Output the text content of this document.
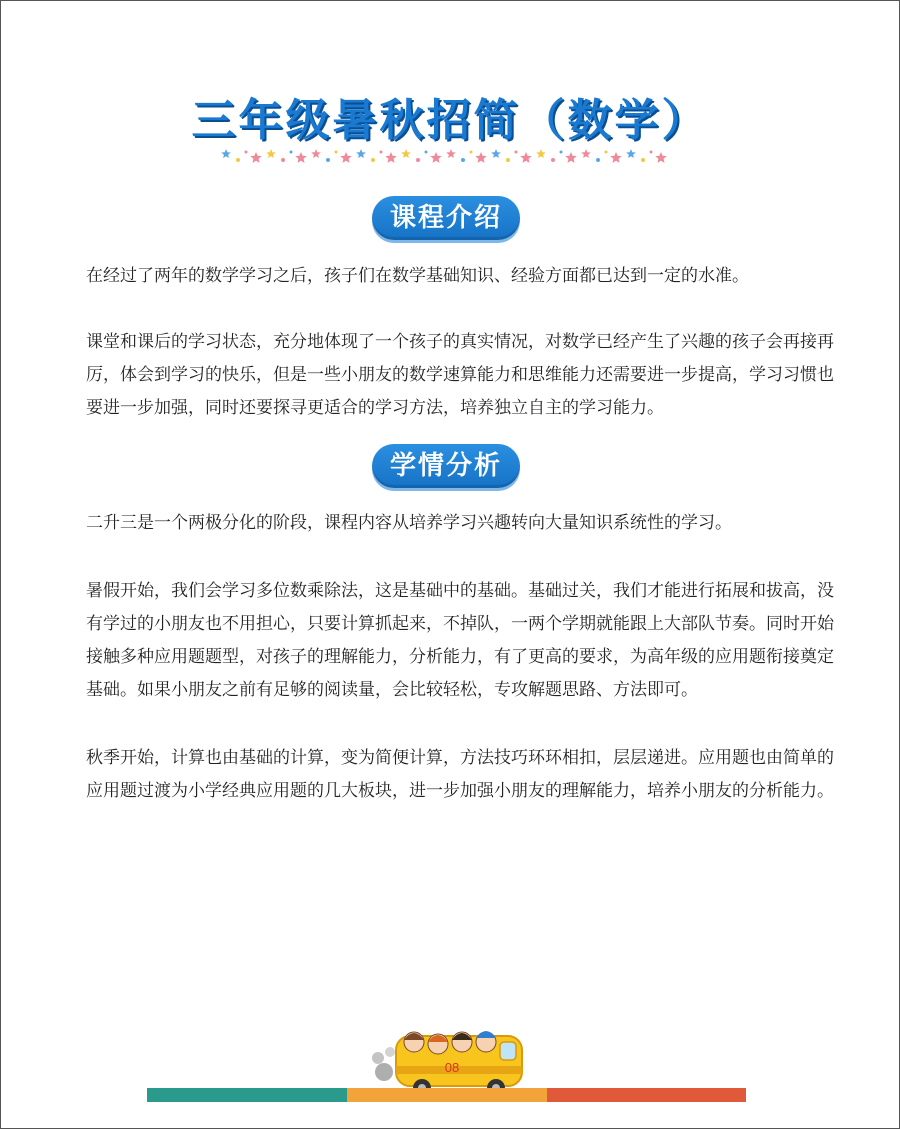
三年级暑秋招简（数学）
课程介绍

在经过了两年的数学学习之后，孩子们在数学基础知识、经验方面都已达到一定的水准。

课堂和课后的学习状态，充分地体现了一个孩子的真实情况，对数学已经产生了兴趣的孩子会再接再厉，体会到学习的快乐，但是一些小朋友的数学速算能力和思维能力还需要进一步提高，学习习惯也要进一步加强，同时还要探寻更适合的学习方法，培养独立自主的学习能力。

学情分析

二升三是一个两极分化的阶段，课程内容从培养学习兴趣转向大量知识系统性的学习。

暑假开始，我们会学习多位数乘除法，这是基础中的基础。基础过关，我们才能进行拓展和拔高，没有学过的小朋友也不用担心，只要计算抓起来，不掉队，一两个学期就能跟上大部队节奏。同时开始接触多种应用题题型，对孩子的理解能力，分析能力，有了更高的要求，为高年级的应用题衔接奠定基础。如果小朋友之前有足够的阅读量，会比较轻松，专攻解题思路、方法即可。

秋季开始，计算也由基础的计算，变为简便计算，方法技巧环环相扣，层层递进。应用题也由简单的应用题过渡为小学经典应用题的几大板块，进一步加强小朋友的理解能力，培养小朋友的分析能力。

08
